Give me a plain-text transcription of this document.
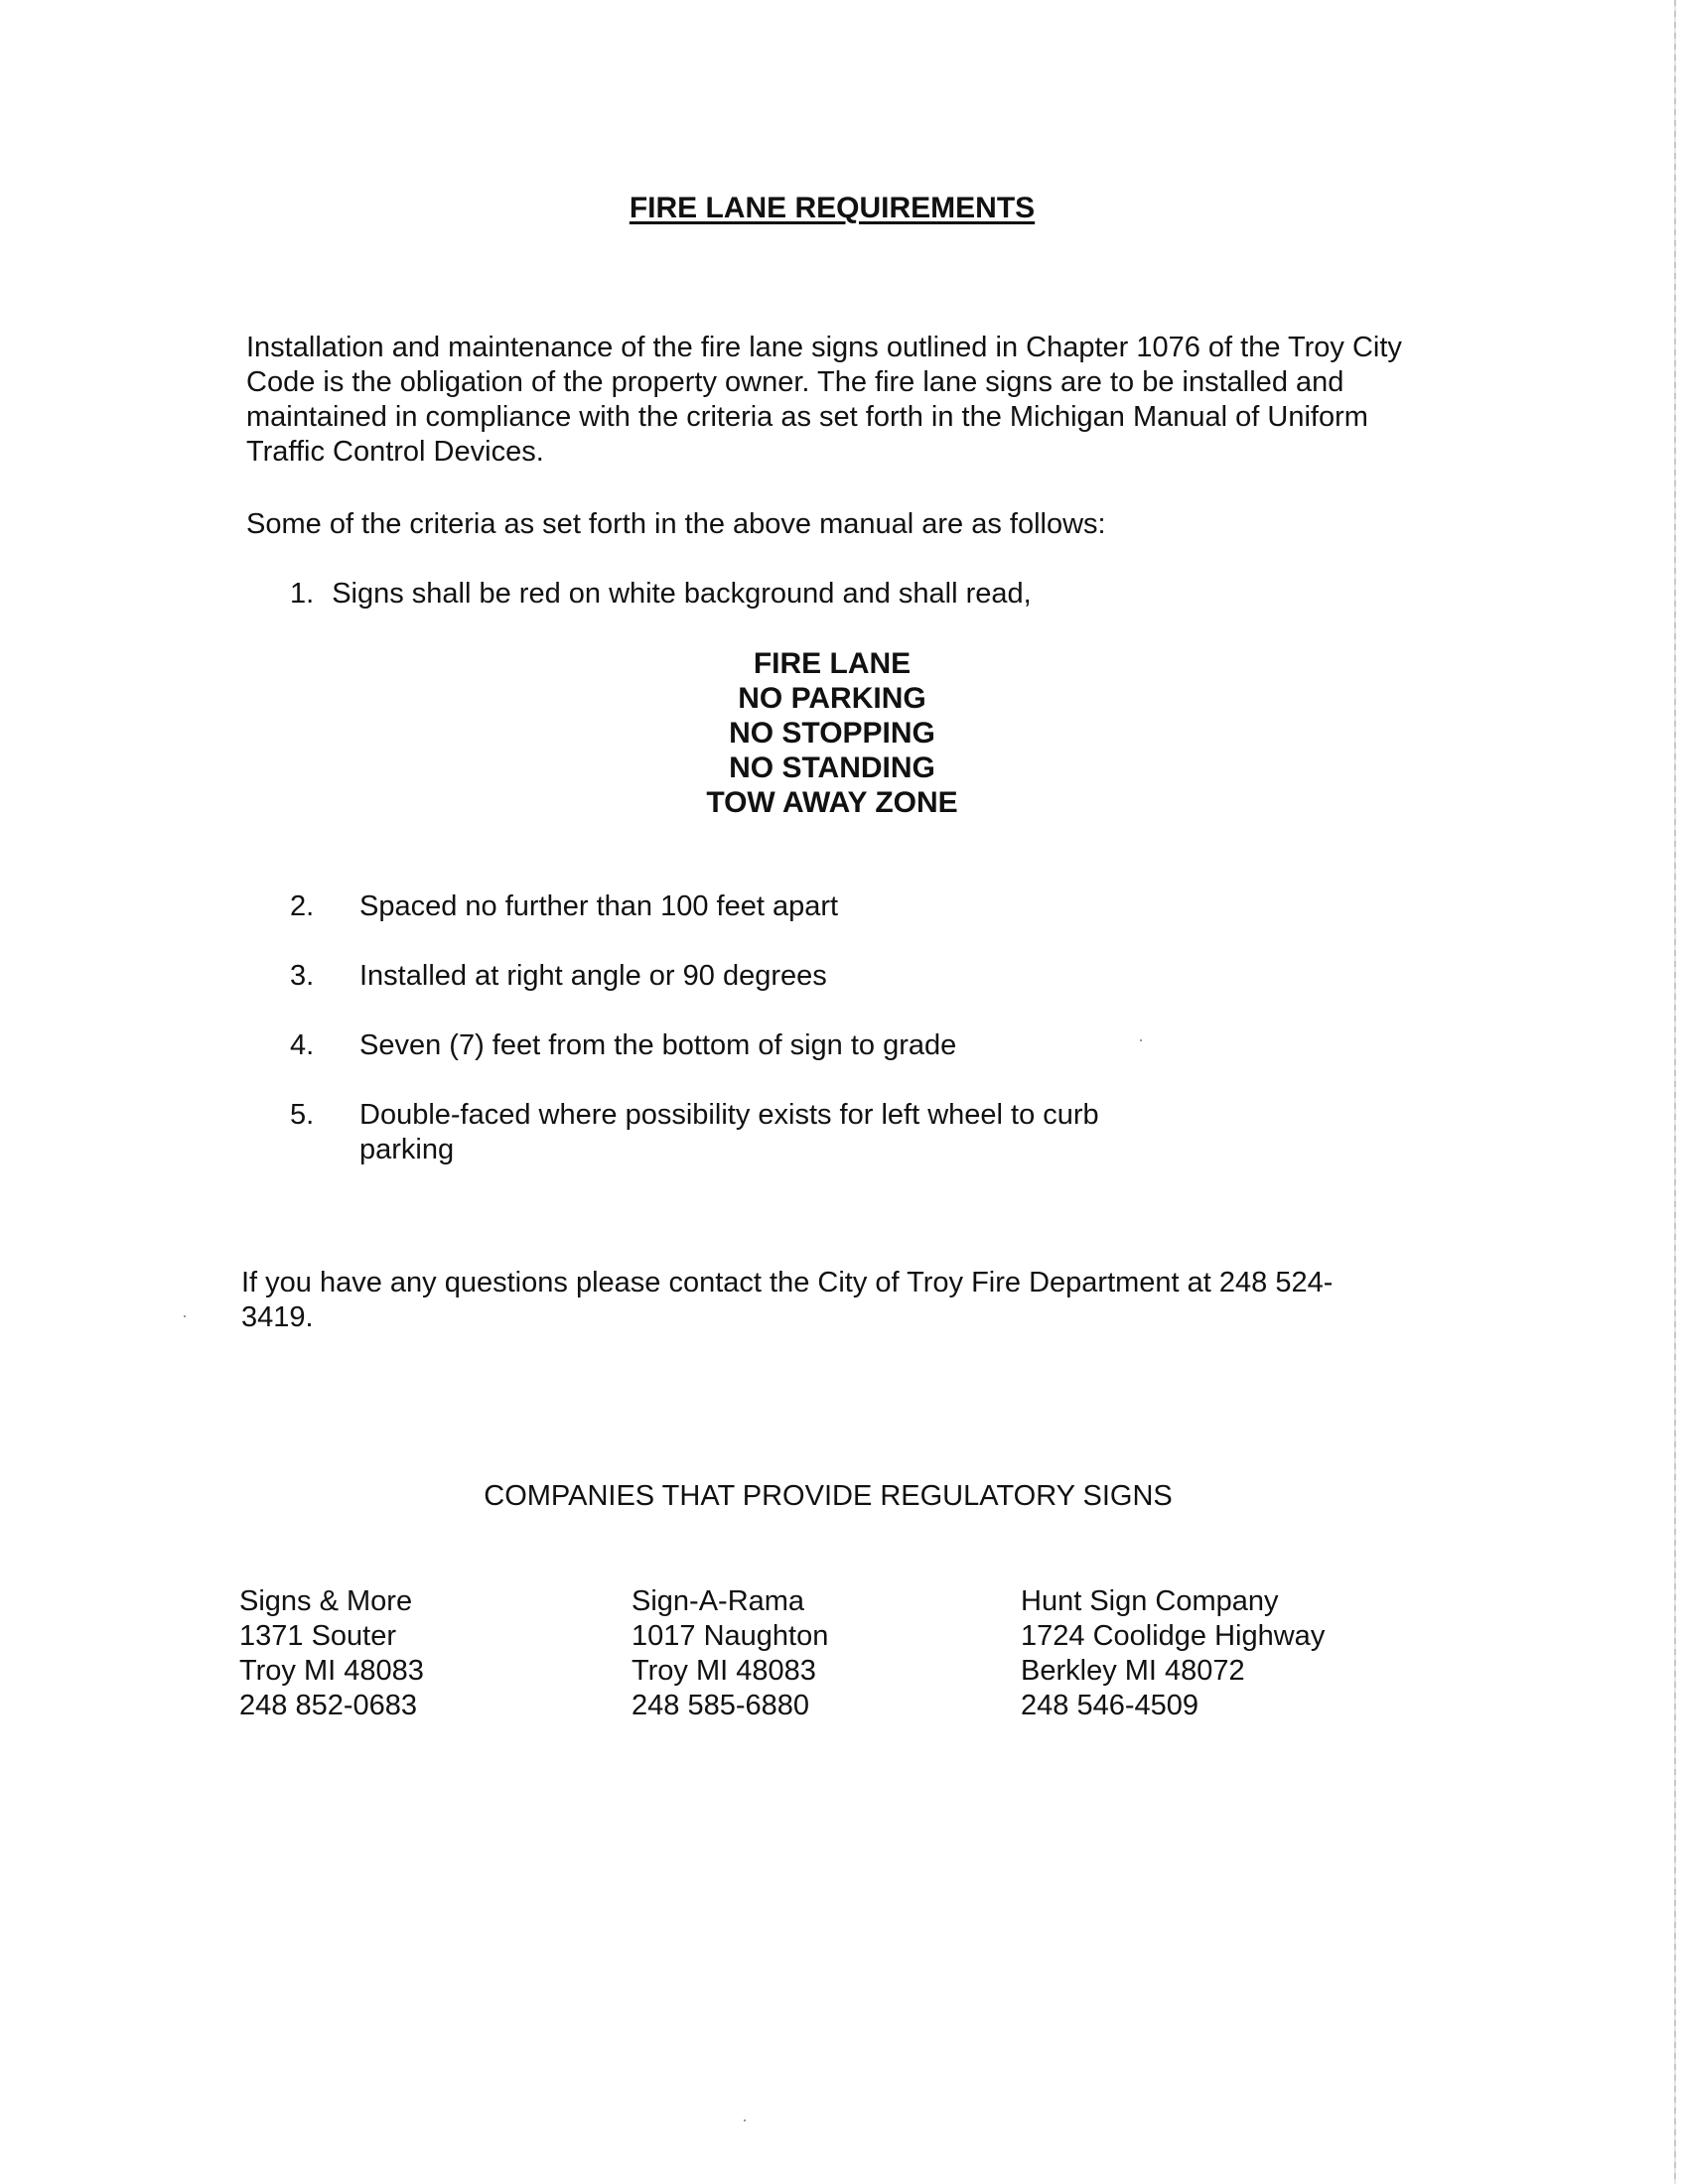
FIRE LANE REQUIREMENTS

Installation and maintenance of the fire lane signs outlined in Chapter 1076 of the Troy City Code is the obligation of the property owner. The fire lane signs are to be installed and maintained in compliance with the criteria as set forth in the Michigan Manual of Uniform Traffic Control Devices.

Some of the criteria as set forth in the above manual are as follows:

1. Signs shall be red on white background and shall read,
FIRE LANE
NO PARKING
NO STOPPING
NO STANDING
TOW AWAY ZONE
2. Spaced no further than 100 feet apart
3. Installed at right angle or 90 degrees
4. Seven (7) feet from the bottom of sign to grade
5. Double-faced where possibility exists for left wheel to curb parking

If you have any questions please contact the City of Troy Fire Department at 248 524-3419.

COMPANIES THAT PROVIDE REGULATORY SIGNS
Signs & More
1371 Souter
Troy MI 48083
248 852-0683
Sign-A-Rama
1017 Naughton
Troy MI 48083
248 585-6880
Hunt Sign Company
1724 Coolidge Highway
Berkley MI 48072
248 546-4509
